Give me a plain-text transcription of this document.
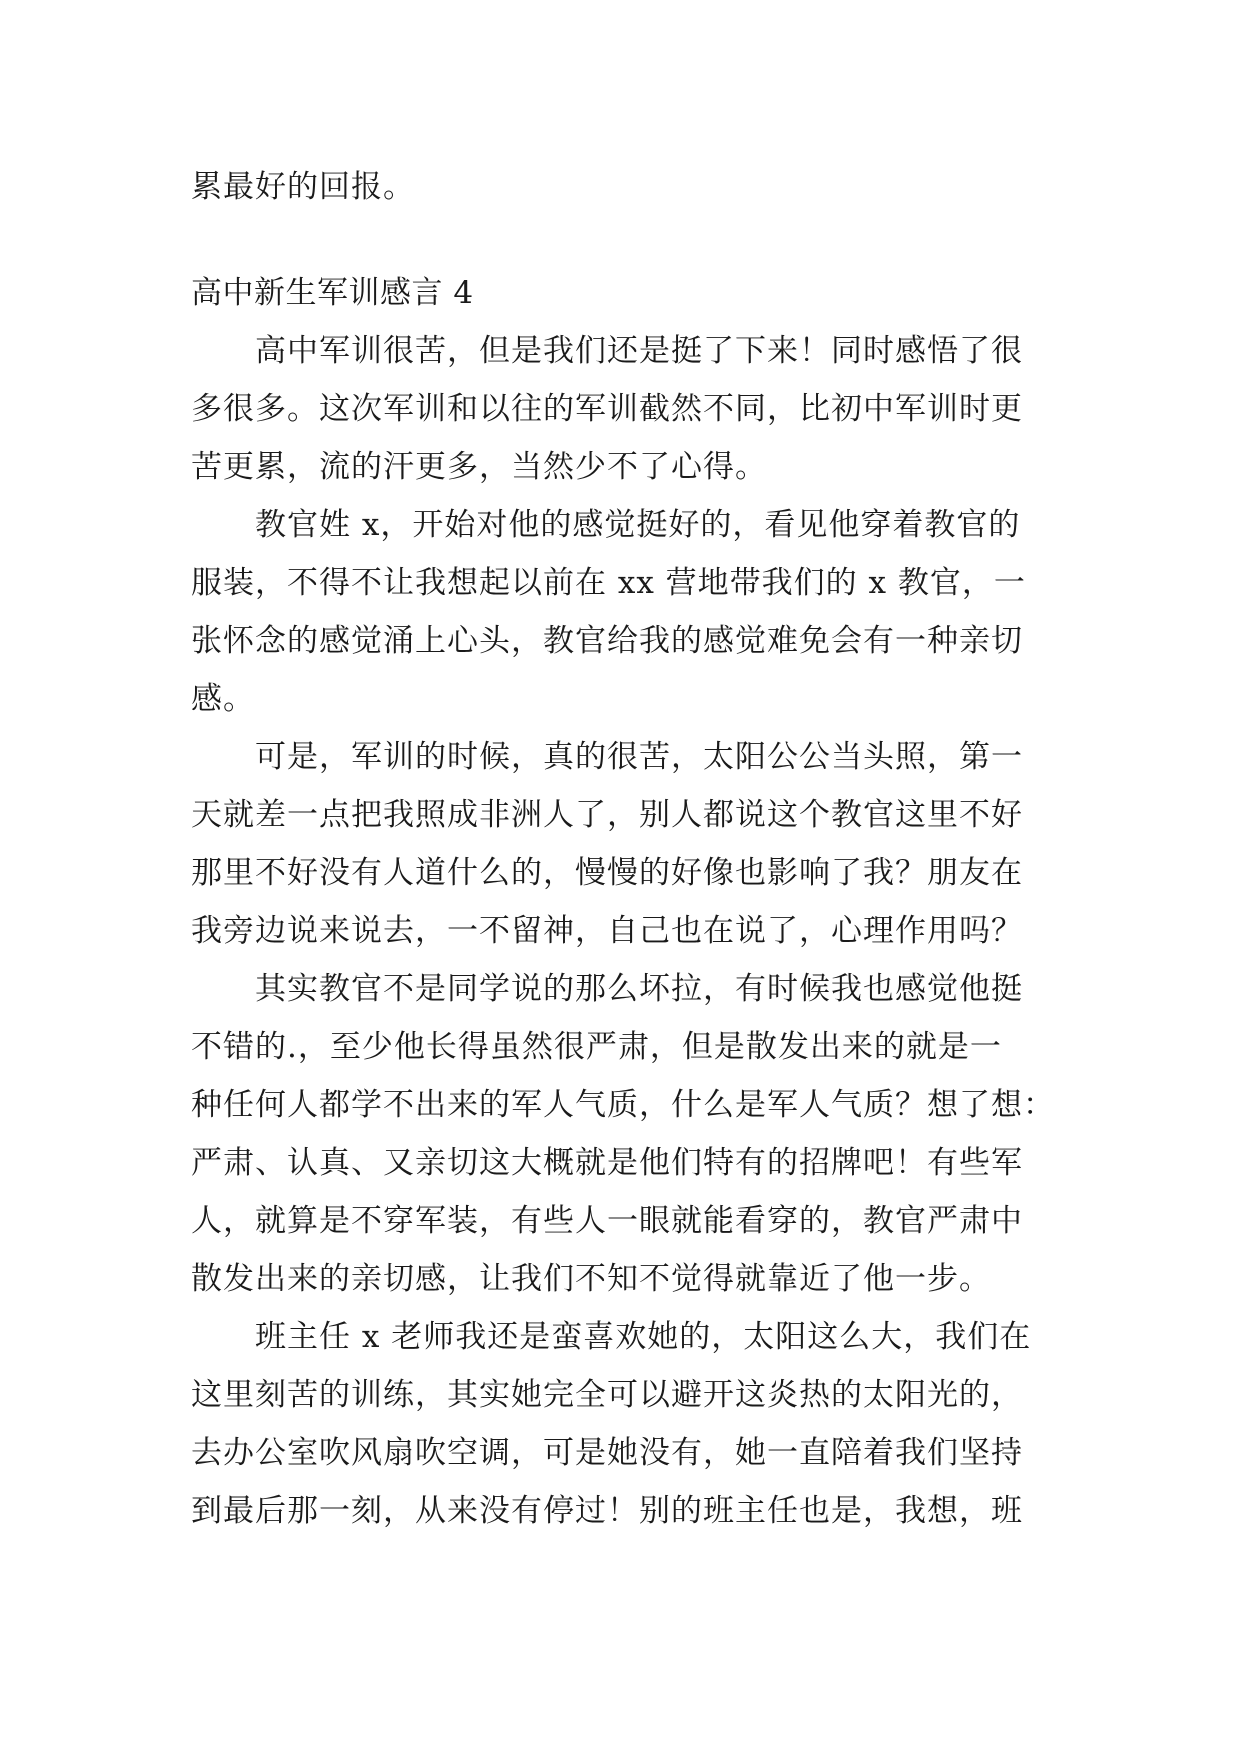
累最好的回报。
高中新生军训感言 4
　　高中军训很苦，但是我们还是挺了下来！同时感悟了很
多很多。这次军训和以往的军训截然不同，比初中军训时更
苦更累，流的汗更多，当然少不了心得。
　　教官姓 x，开始对他的感觉挺好的，看见他穿着教官的
服装，不得不让我想起以前在 xx 营地带我们的 x 教官，一
张怀念的感觉涌上心头，教官给我的感觉难免会有一种亲切
感。
　　可是，军训的时候，真的很苦，太阳公公当头照，第一
天就差一点把我照成非洲人了，别人都说这个教官这里不好
那里不好没有人道什么的，慢慢的好像也影响了我？朋友在
我旁边说来说去，一不留神，自己也在说了，心理作用吗？
　　其实教官不是同学说的那么坏拉，有时候我也感觉他挺
不错的.，至少他长得虽然很严肃，但是散发出来的就是一
种任何人都学不出来的军人气质，什么是军人气质？想了想：
严肃、认真、又亲切这大概就是他们特有的招牌吧！有些军
人，就算是不穿军装，有些人一眼就能看穿的，教官严肃中
散发出来的亲切感，让我们不知不觉得就靠近了他一步。
　　班主任 x 老师我还是蛮喜欢她的，太阳这么大，我们在
这里刻苦的训练，其实她完全可以避开这炎热的太阳光的，
去办公室吹风扇吹空调，可是她没有，她一直陪着我们坚持
到最后那一刻，从来没有停过！别的班主任也是，我想，班
